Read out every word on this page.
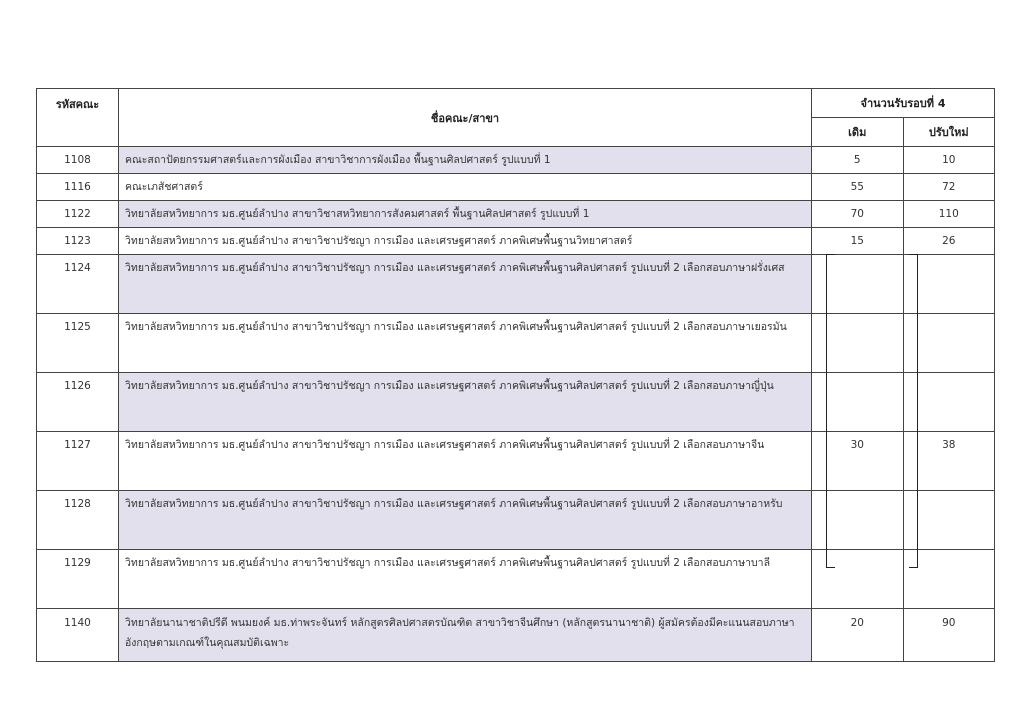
รหัสคณะ	ชื่อคณะ/สาขา	จำนวนรับรอบที่ 4	
		เดิม	ปรับใหม่
1108	คณะสถาปัตยกรรมศาสตร์และการผังเมือง สาขาวิชาการผังเมือง พื้นฐานศิลปศาสตร์ รูปแบบที่ 1	5	10
1116	คณะเภสัชศาสตร์	55	72
1122	วิทยาลัยสหวิทยาการ มธ.ศูนย์ลำปาง สาขาวิชาสหวิทยาการสังคมศาสตร์ พื้นฐานศิลปศาสตร์ รูปแบบที่ 1	70	110
1123	วิทยาลัยสหวิทยาการ มธ.ศูนย์ลำปาง สาขาวิชาปรัชญา การเมือง และเศรษฐศาสตร์ ภาคพิเศษพื้นฐานวิทยาศาสตร์	15	26
1124	วิทยาลัยสหวิทยาการ มธ.ศูนย์ลำปาง สาขาวิชาปรัชญา การเมือง และเศรษฐศาสตร์ ภาคพิเศษพื้นฐานศิลปศาสตร์ รูปแบบที่ 2 เลือกสอบภาษาฝรั่งเศส		
1125	วิทยาลัยสหวิทยาการ มธ.ศูนย์ลำปาง สาขาวิชาปรัชญา การเมือง และเศรษฐศาสตร์ ภาคพิเศษพื้นฐานศิลปศาสตร์ รูปแบบที่ 2 เลือกสอบภาษาเยอรมัน		
1126	วิทยาลัยสหวิทยาการ มธ.ศูนย์ลำปาง สาขาวิชาปรัชญา การเมือง และเศรษฐศาสตร์ ภาคพิเศษพื้นฐานศิลปศาสตร์ รูปแบบที่ 2 เลือกสอบภาษาญี่ปุ่น		
1127	วิทยาลัยสหวิทยาการ มธ.ศูนย์ลำปาง สาขาวิชาปรัชญา การเมือง และเศรษฐศาสตร์ ภาคพิเศษพื้นฐานศิลปศาสตร์ รูปแบบที่ 2 เลือกสอบภาษาจีน	30	38
1128	วิทยาลัยสหวิทยาการ มธ.ศูนย์ลำปาง สาขาวิชาปรัชญา การเมือง และเศรษฐศาสตร์ ภาคพิเศษพื้นฐานศิลปศาสตร์ รูปแบบที่ 2 เลือกสอบภาษาอาหรับ		
1129	วิทยาลัยสหวิทยาการ มธ.ศูนย์ลำปาง สาขาวิชาปรัชญา การเมือง และเศรษฐศาสตร์ ภาคพิเศษพื้นฐานศิลปศาสตร์ รูปแบบที่ 2 เลือกสอบภาษาบาลี		
1140	วิทยาลัยนานาชาติปรีดี พนมยงค์ มธ.ท่าพระจันทร์ หลักสูตรศิลปศาสตรบัณฑิต สาขาวิชาจีนศึกษา (หลักสูตรนานาชาติ) ผู้สมัครต้องมีคะแนนสอบภาษาอังกฤษตามเกณฑ์ในคุณสมบัติเฉพาะ	20	90
